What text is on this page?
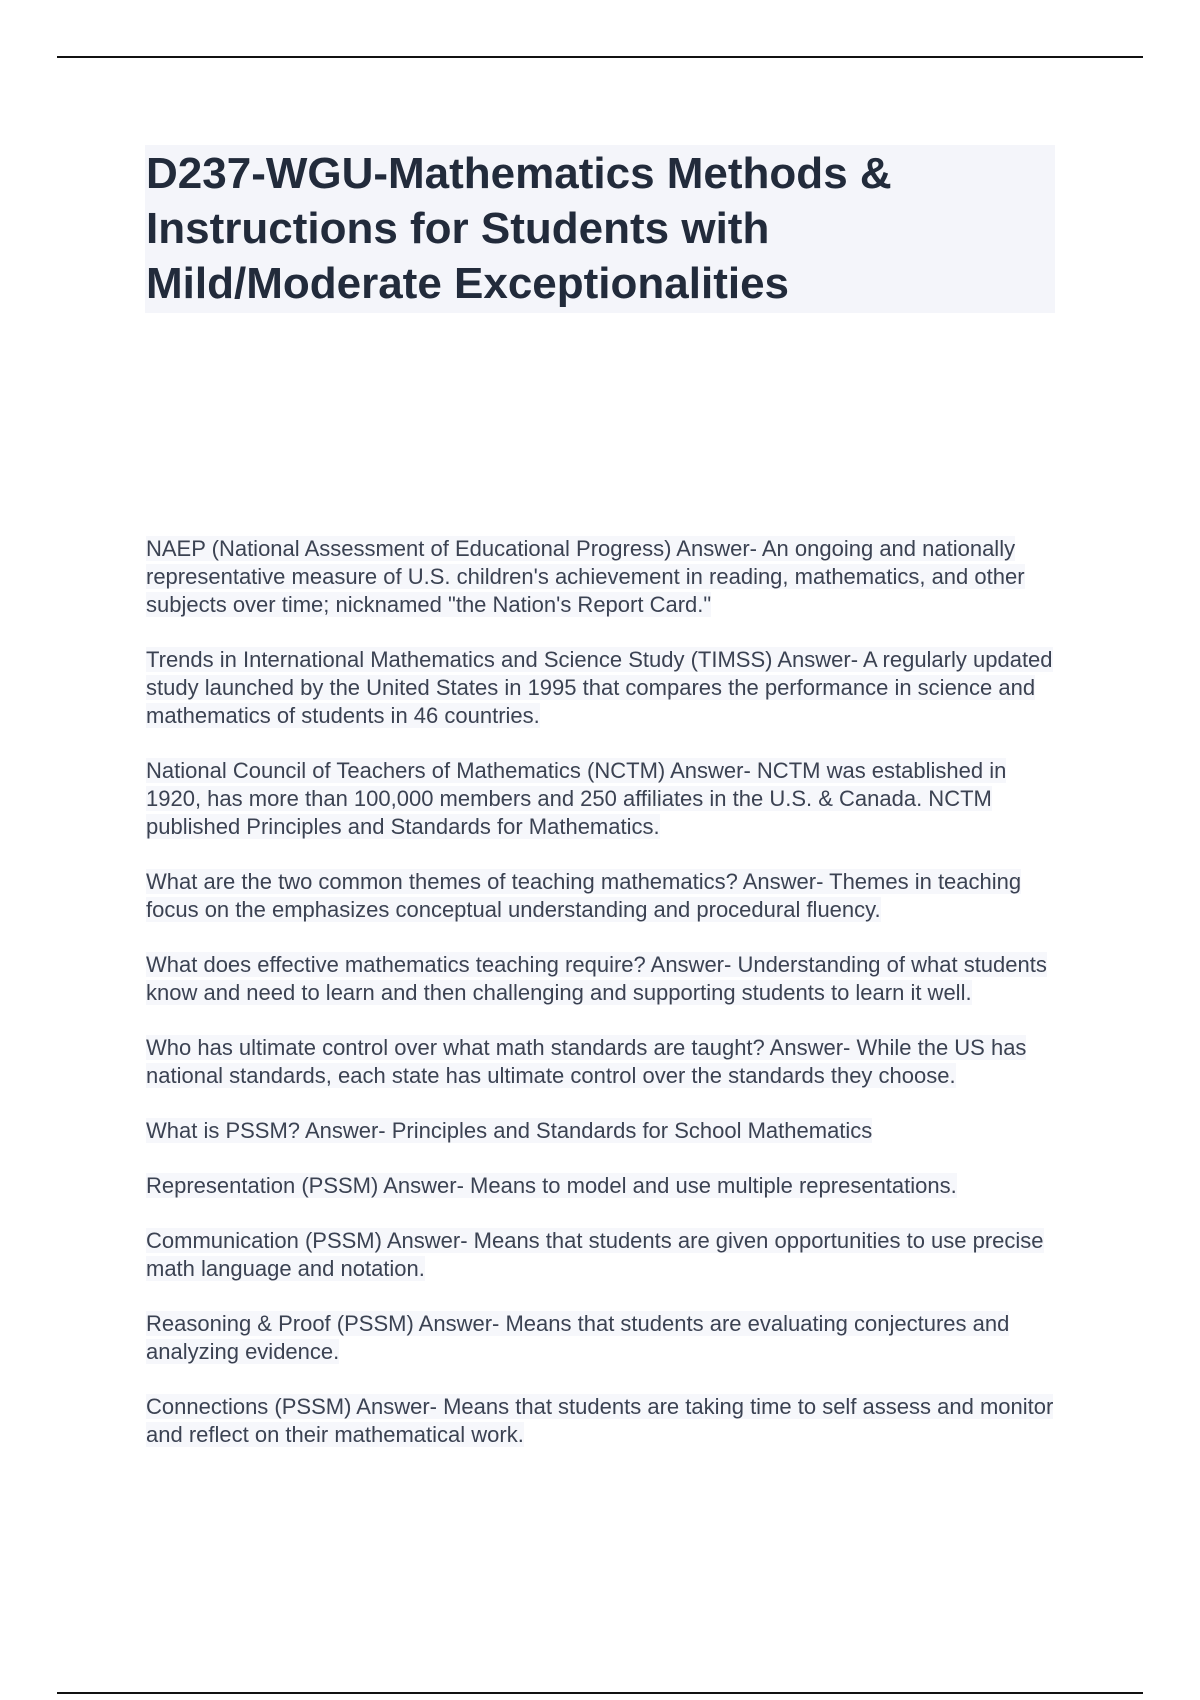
D237-WGU-Mathematics Methods & Instructions for Students with Mild/Moderate Exceptionalities
NAEP (National Assessment of Educational Progress) Answer- An ongoing and nationally representative measure of U.S. children's achievement in reading, mathematics, and other subjects over time; nicknamed "the Nation's Report Card."
Trends in International Mathematics and Science Study (TIMSS) Answer- A regularly updated study launched by the United States in 1995 that compares the performance in science and mathematics of students in 46 countries.
National Council of Teachers of Mathematics (NCTM) Answer- NCTM was established in 1920, has more than 100,000 members and 250 affiliates in the U.S. & Canada. NCTM published Principles and Standards for Mathematics.
What are the two common themes of teaching mathematics? Answer- Themes in teaching focus on the emphasizes conceptual understanding and procedural fluency.
What does effective mathematics teaching require? Answer- Understanding of what students know and need to learn and then challenging and supporting students to learn it well.
Who has ultimate control over what math standards are taught? Answer- While the US has national standards, each state has ultimate control over the standards they choose.
What is PSSM? Answer- Principles and Standards for School Mathematics
Representation (PSSM) Answer- Means to model and use multiple representations.
Communication (PSSM) Answer- Means that students are given opportunities to use precise math language and notation.
Reasoning & Proof (PSSM) Answer- Means that students are evaluating conjectures and analyzing evidence.
Connections (PSSM) Answer- Means that students are taking time to self assess and monitor and reflect on their mathematical work.
